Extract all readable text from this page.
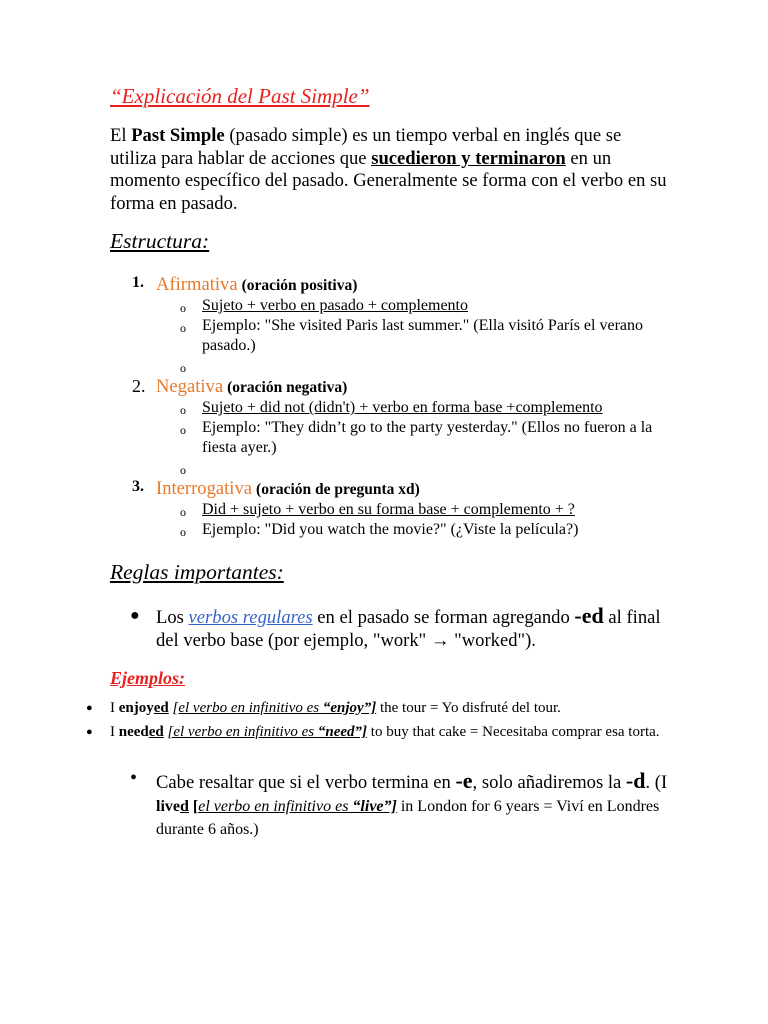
“Explicación del Past Simple”

El Past Simple (pasado simple) es un tiempo verbal en inglés que se utiliza para hablar de acciones que sucedieron y terminaron en un momento específico del pasado. Generalmente se forma con el verbo en su forma en pasado.

Estructura:
1. Afirmativa (oración positiva)
o Sujeto + verbo en pasado + complemento
o Ejemplo: "She visited Paris last summer." (Ella visitó París el verano pasado.)
o

2. Negativa (oración negativa)
o Sujeto + did not (didn't) + verbo en forma base +complemento
o Ejemplo: "They didn’t go to the party yesterday." (Ellos no fueron a la fiesta ayer.)
o

3. Interrogativa (oración de pregunta xd)
o Did + sujeto + verbo en su forma base + complemento + ?
o Ejemplo: "Did you watch the movie?" (¿Viste la película?)
Reglas importantes:
● Los verbos regulares en el pasado se forman agregando -ed al final del verbo base (por ejemplo, "work" → "worked").
Ejemplos:
● I enjoyed [el verbo en infinitivo es “enjoy”] the tour = Yo disfruté del tour.
● I needed [el verbo en infinitivo es “need”] to buy that cake = Necesitaba comprar esa torta.
• Cabe resaltar que si el verbo termina en -e, solo añadiremos la -d. (I lived [el verbo en infinitivo es “live”] in London for 6 years = Viví en Londres durante 6 años.)
